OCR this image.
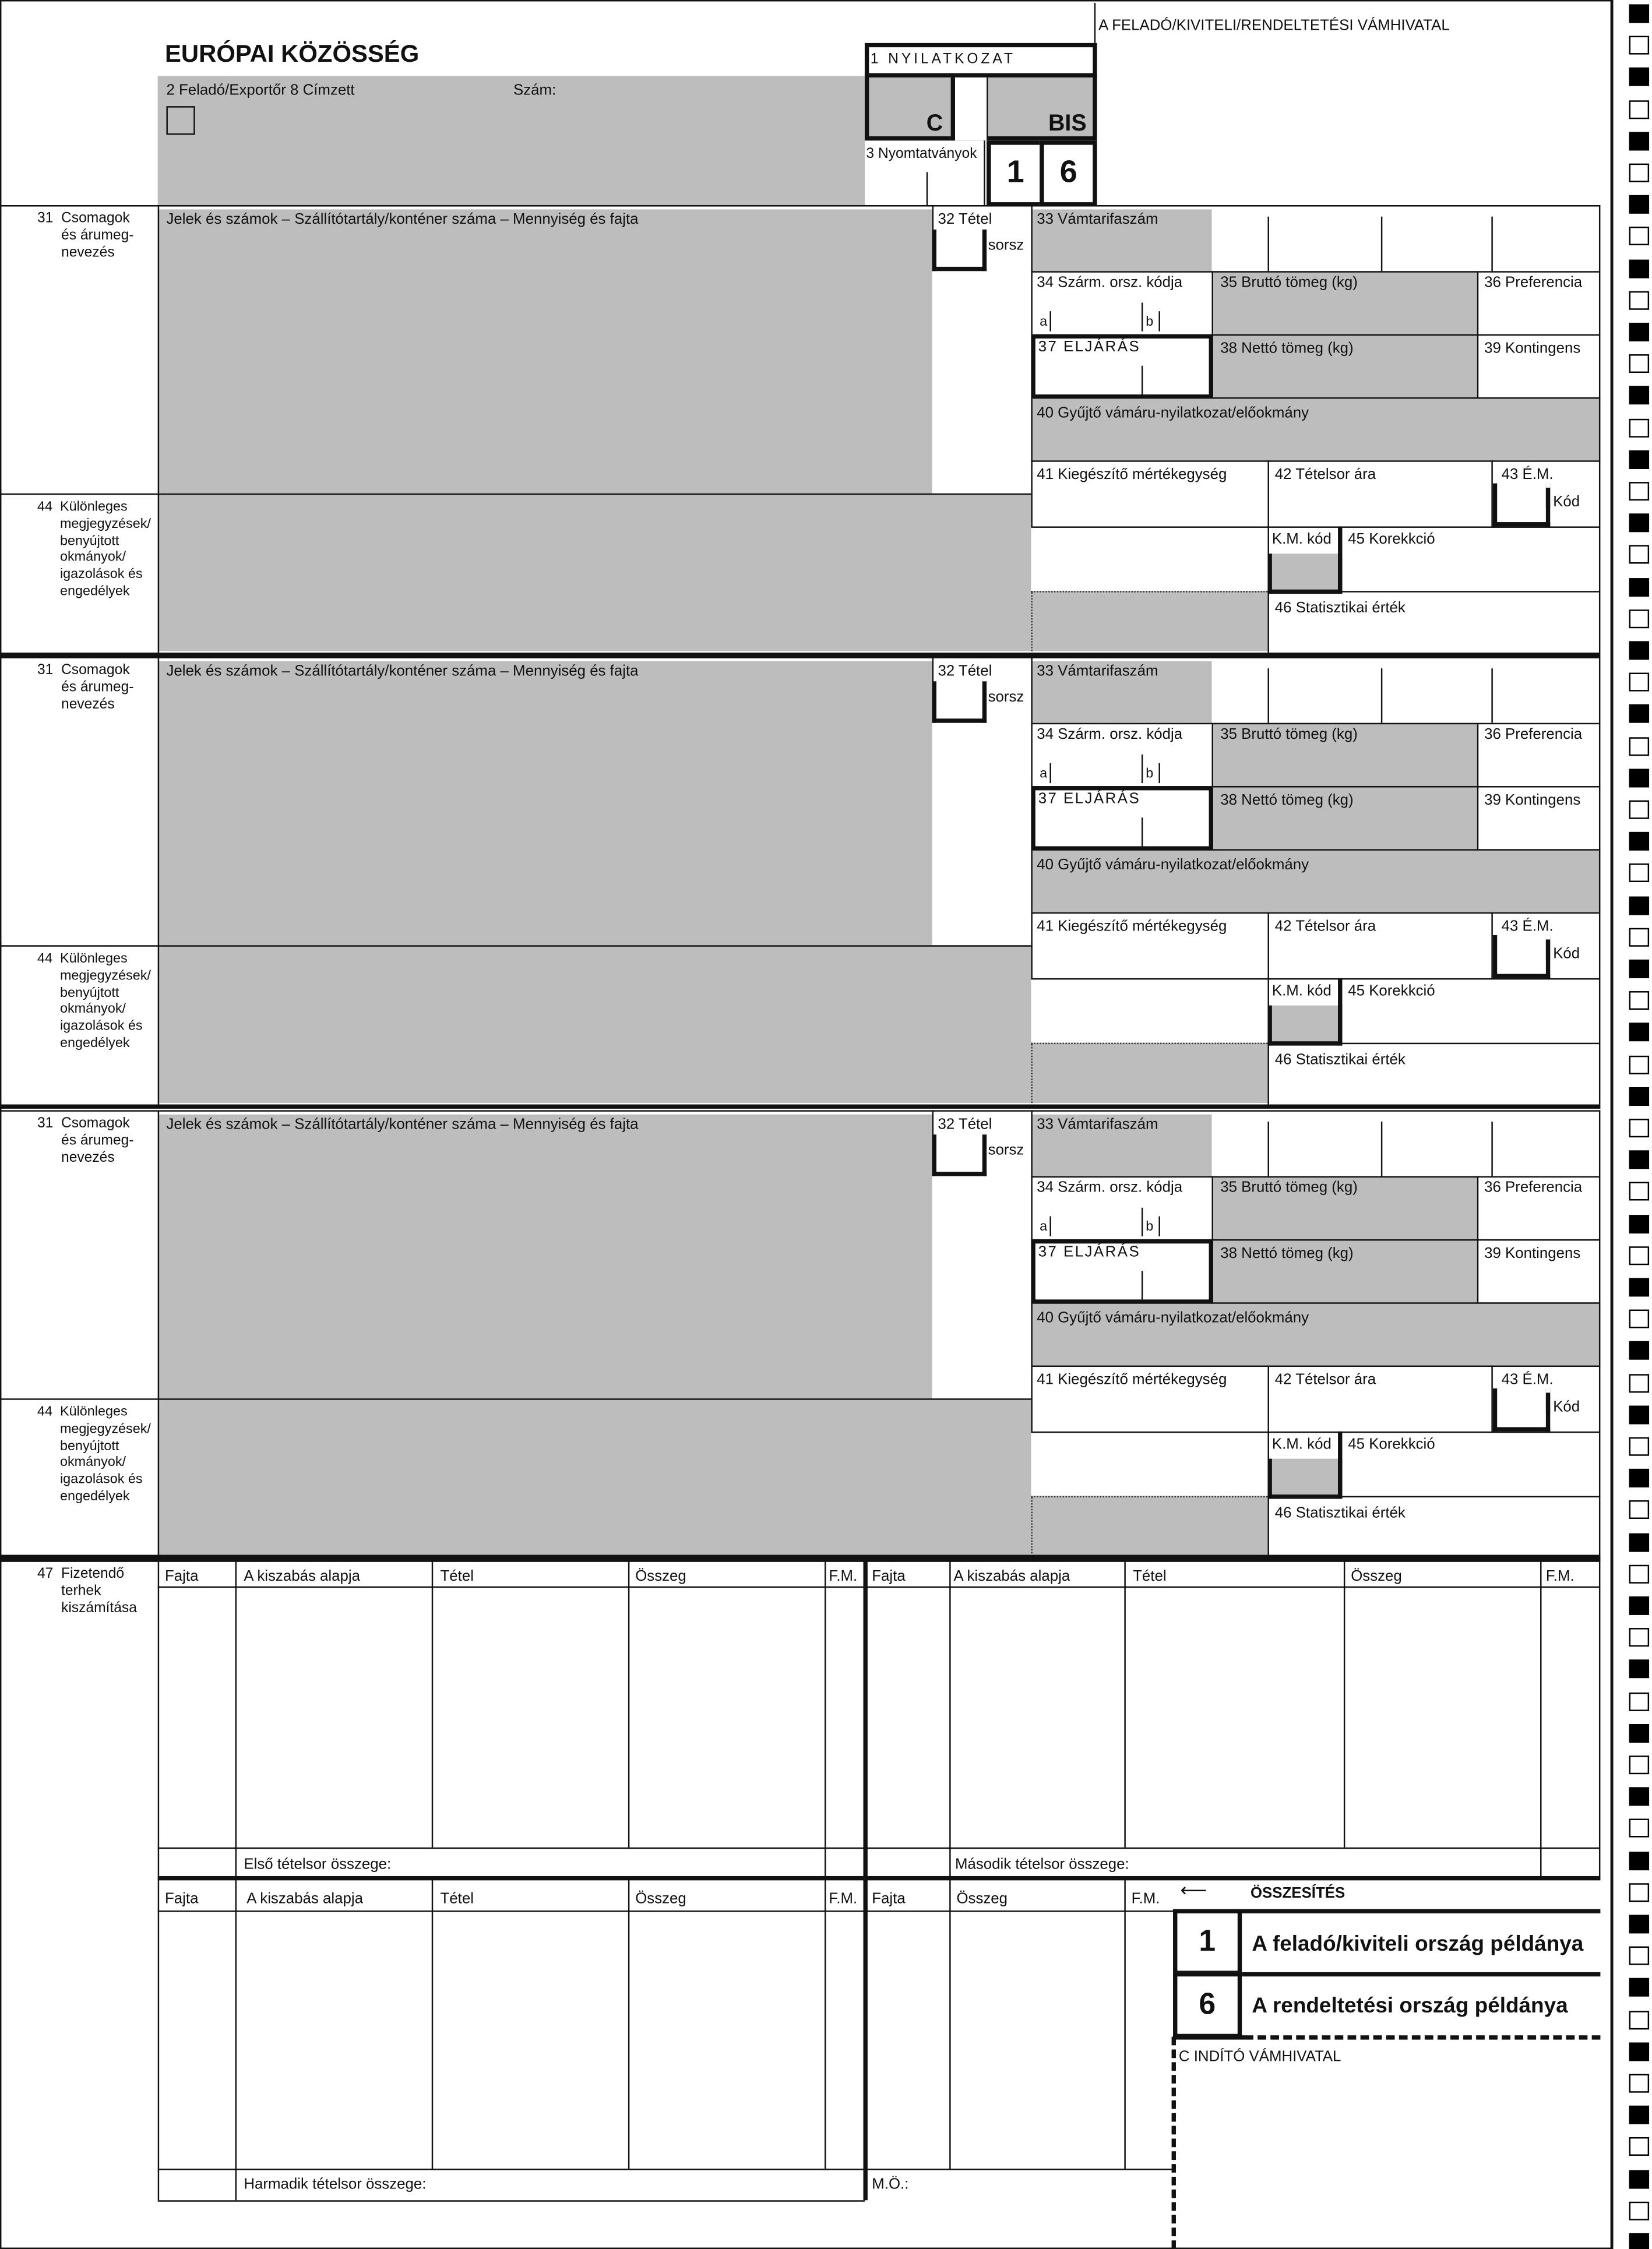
A FELADÓ/KIVITELI/RENDELTETÉSI VÁMHIVATAL
EURÓPAI KÖZÖSSÉG
2 Feladó/Exportőr 8 Címzett	Szám:
1 NYILATKOZAT
C	BIS
3 Nyomtatványok 1	6
31  Csomagok
és árumeg-
nevezés
Jelek és számok – Szállítótartály/konténer száma – Mennyiség és fajta	32 Tétel
sorsz
33 Vámtarifaszám
34 Szárm. orsz. kódja
a	b
35 Bruttó tömeg (kg)	36 Preferencia
37 ELJÁRÁS	38 Nettó tömeg (kg)	39 Kontingens
40 Gyűjtő vámáru-nyilatkozat/előokmány
41 Kiegészítő mértékegység	42 Tételsor ára	43 É.M.
Kód
K.M. kód	45 Korekkció
46 Statisztikai érték
44  Különleges
megjegyzések/
benyújtott
okmányok/
igazolások és
engedélyek
31  Csomagok
és árumeg-
nevezés
Jelek és számok – Szállítótartály/konténer száma – Mennyiség és fajta	32 Tétel
sorsz
33 Vámtarifaszám
34 Szárm. orsz. kódja
a	b
35 Bruttó tömeg (kg)	36 Preferencia
37 ELJÁRÁS	38 Nettó tömeg (kg)	39 Kontingens
40 Gyűjtő vámáru-nyilatkozat/előokmány
41 Kiegészítő mértékegység	42 Tételsor ára	43 É.M.
Kód
K.M. kód	45 Korekkció
46 Statisztikai érték
44  Különleges
megjegyzések/
benyújtott
okmányok/
igazolások és
engedélyek
31  Csomagok
és árumeg-
nevezés
Jelek és számok – Szállítótartály/konténer száma – Mennyiség és fajta	32 Tétel
sorsz
33 Vámtarifaszám
34 Szárm. orsz. kódja
a	b
35 Bruttó tömeg (kg)	36 Preferencia
37 ELJÁRÁS	38 Nettó tömeg (kg)	39 Kontingens
40 Gyűjtő vámáru-nyilatkozat/előokmány
41 Kiegészítő mértékegység	42 Tételsor ára	43 É.M.
Kód
K.M. kód	45 Korekkció
46 Statisztikai érték
44  Különleges
megjegyzések/
benyújtott
okmányok/
igazolások és
engedélyek
47  Fizetendő
terhek
kiszámítása
Fajta	A kiszabás alapja	Tétel	Összeg	F.M. Fajta	A kiszabás alapja	Tétel	Összeg	F.M.
Első tételsor összege:	Második tételsor összege:
Fajta	A kiszabás alapja	Tétel	Összeg	F.M. Fajta	Összeg	F.M.
Harmadik tételsor összege:	M.Ö.:
⟵	ÖSSZESÍTÉS
1	A feladó/kiviteli ország példánya
6	A rendeltetési ország példánya
C INDÍTÓ VÁMHIVATAL
